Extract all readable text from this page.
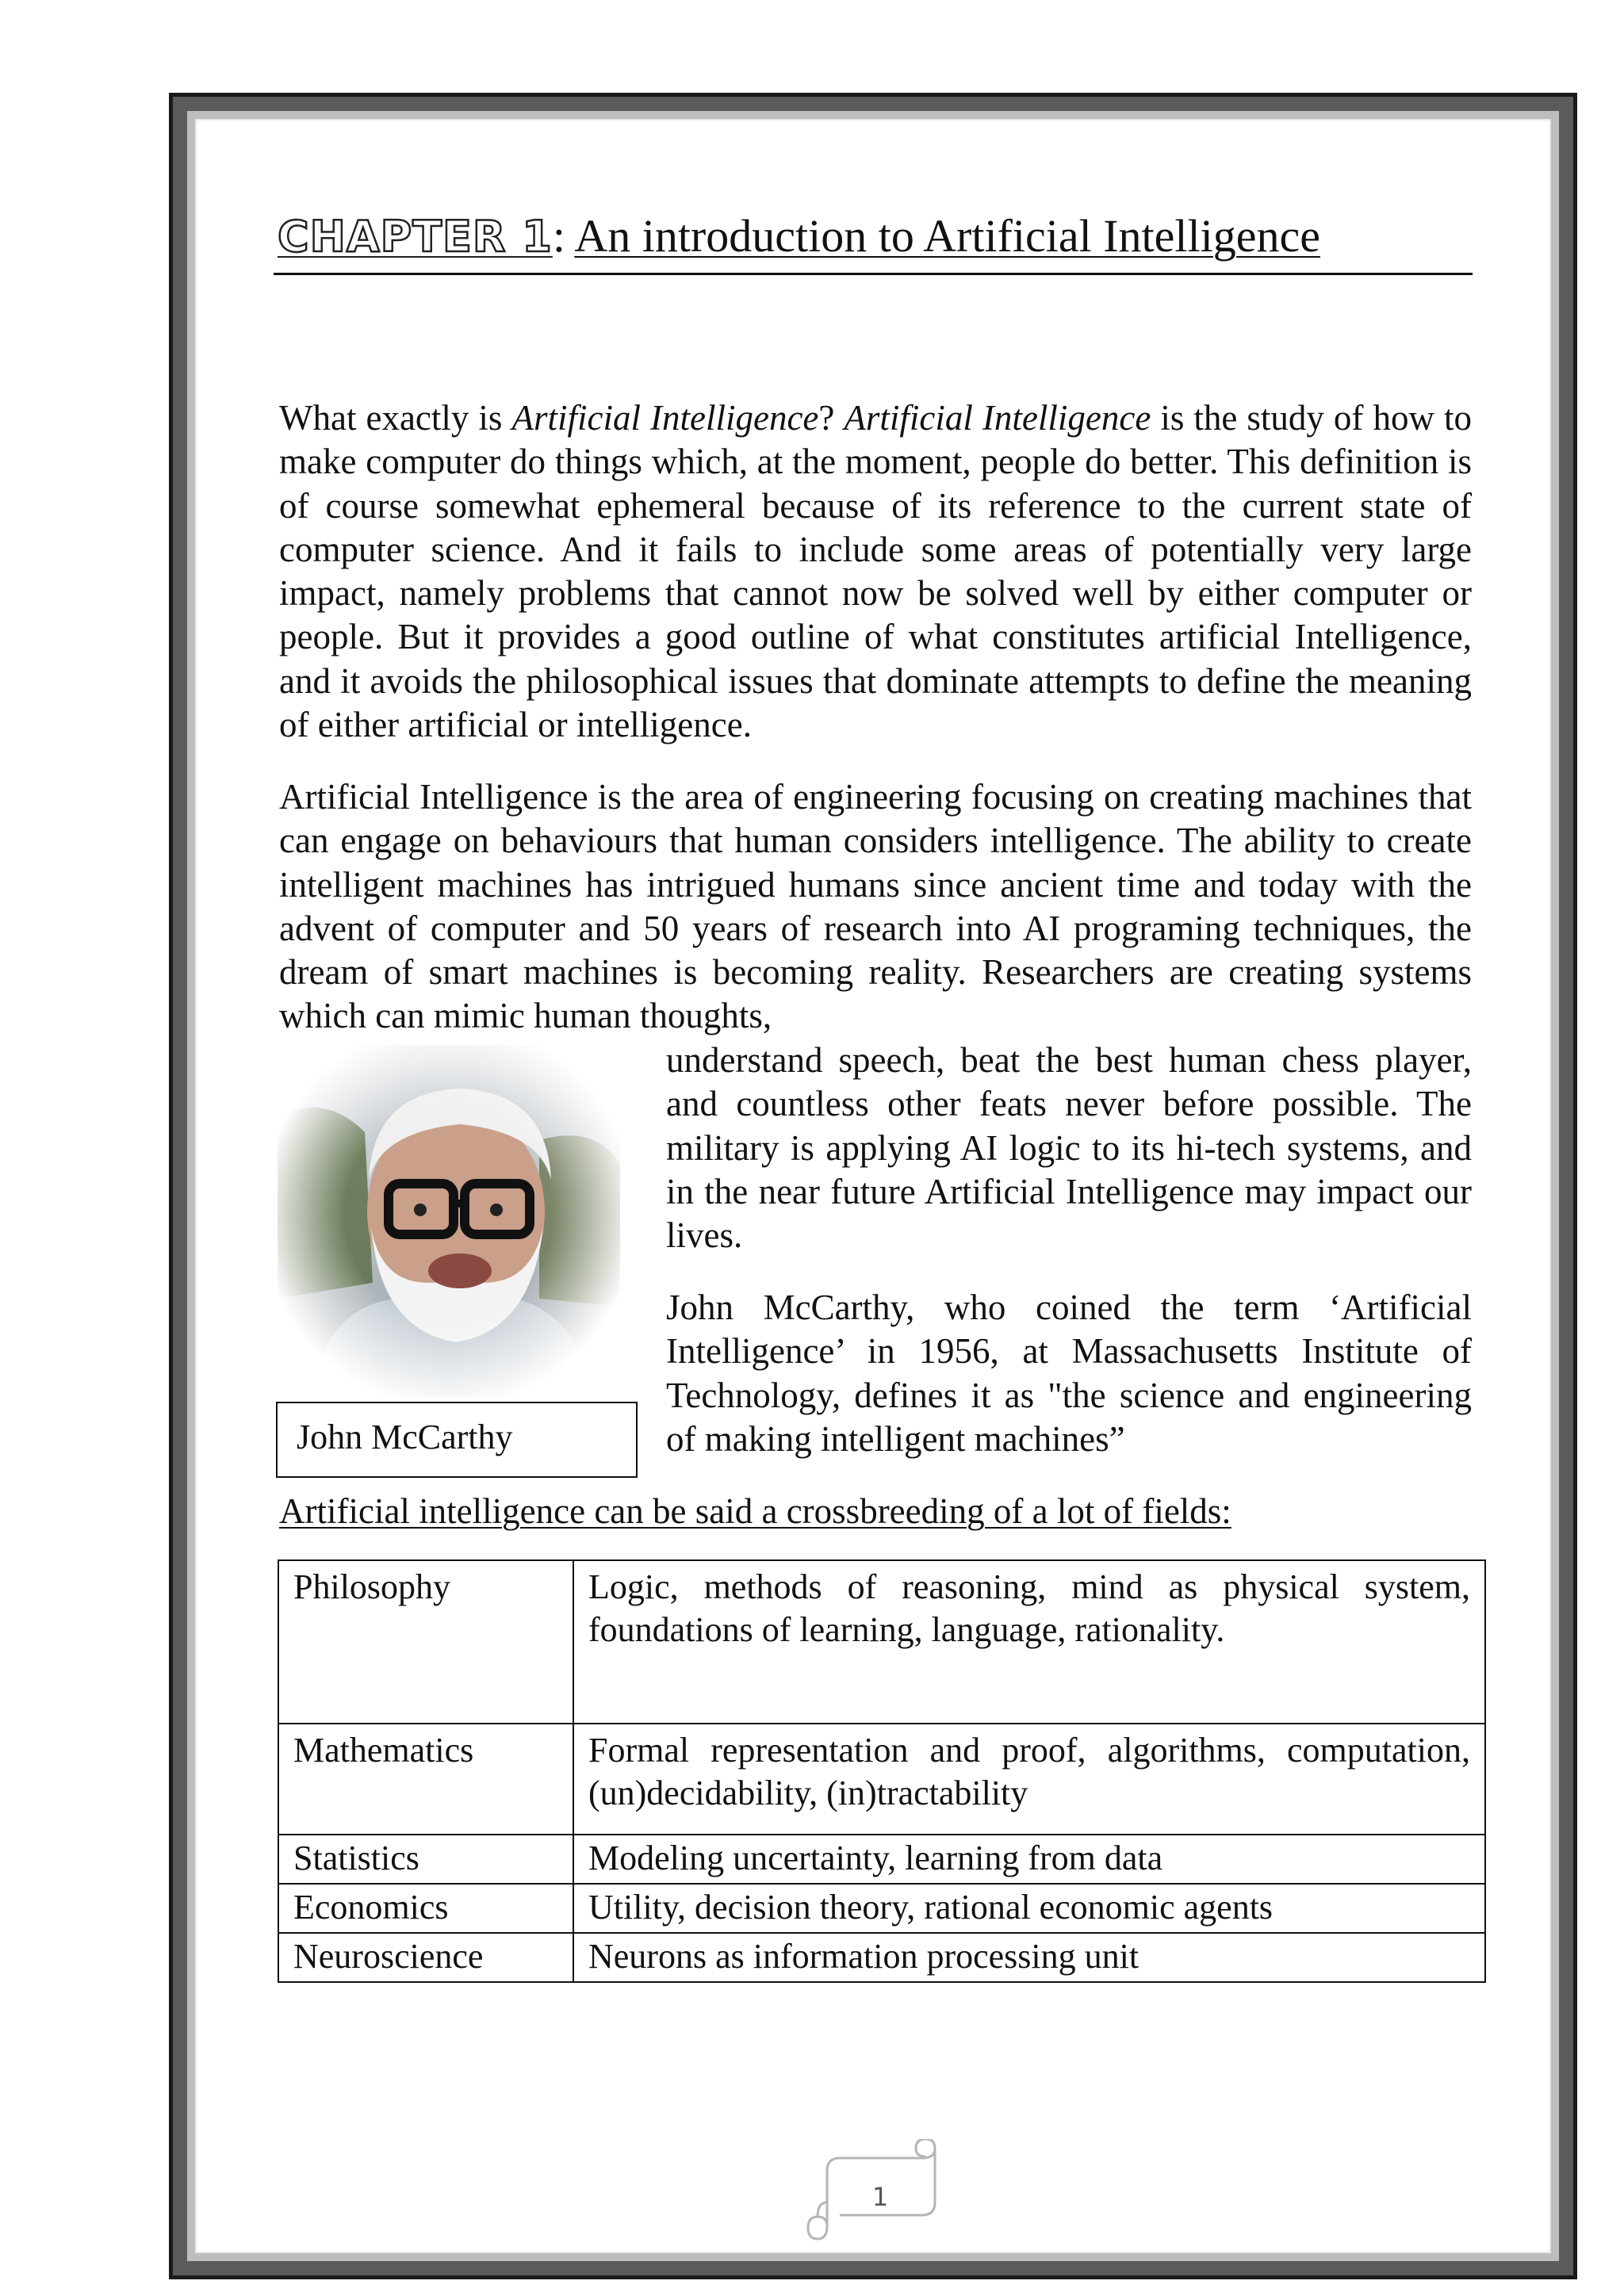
CHAPTER 1: An introduction to Artificial Intelligence

What exactly is Artificial Intelligence? Artificial Intelligence is the study of how to make computer do things which, at the moment, people do better. This definition is of course somewhat ephemeral because of its reference to the current state of computer science. And it fails to include some areas of potentially very large impact, namely problems that cannot now be solved well by either computer or people. But it provides a good outline of what constitutes artificial Intelligence, and it avoids the philosophical issues that dominate attempts to define the meaning of either artificial or intelligence.

Artificial Intelligence is the area of engineering focusing on creating machines that can engage on behaviours that human considers intelligence. The ability to create intelligent machines has intrigued humans since ancient time and today with the advent of computer and 50 years of research into AI programing techniques, the dream of smart machines is becoming reality. Researchers are creating systems which can mimic human thoughts,

understand speech, beat the best human chess player, and countless other feats never before possible. The military is applying AI logic to its hi-tech systems, and in the near future Artificial Intelligence may impact our lives.

John McCarthy, who coined the term ‘Artificial Intelligence’ in 1956, at Massachusetts Institute of Technology, defines it as "the science and engineering of making intelligent machines”

John McCarthy
Artificial intelligence can be said a crossbreeding of a lot of fields:
Philosophy	Logic, methods of reasoning, mind as physical system, foundations of learning, language, rationality.
Mathematics	Formal representation and proof, algorithms, computation, (un)decidability, (in)tractability
Statistics	Modeling uncertainty, learning from data
Economics	Utility, decision theory, rational economic agents
Neuroscience	Neurons as information processing unit
1
